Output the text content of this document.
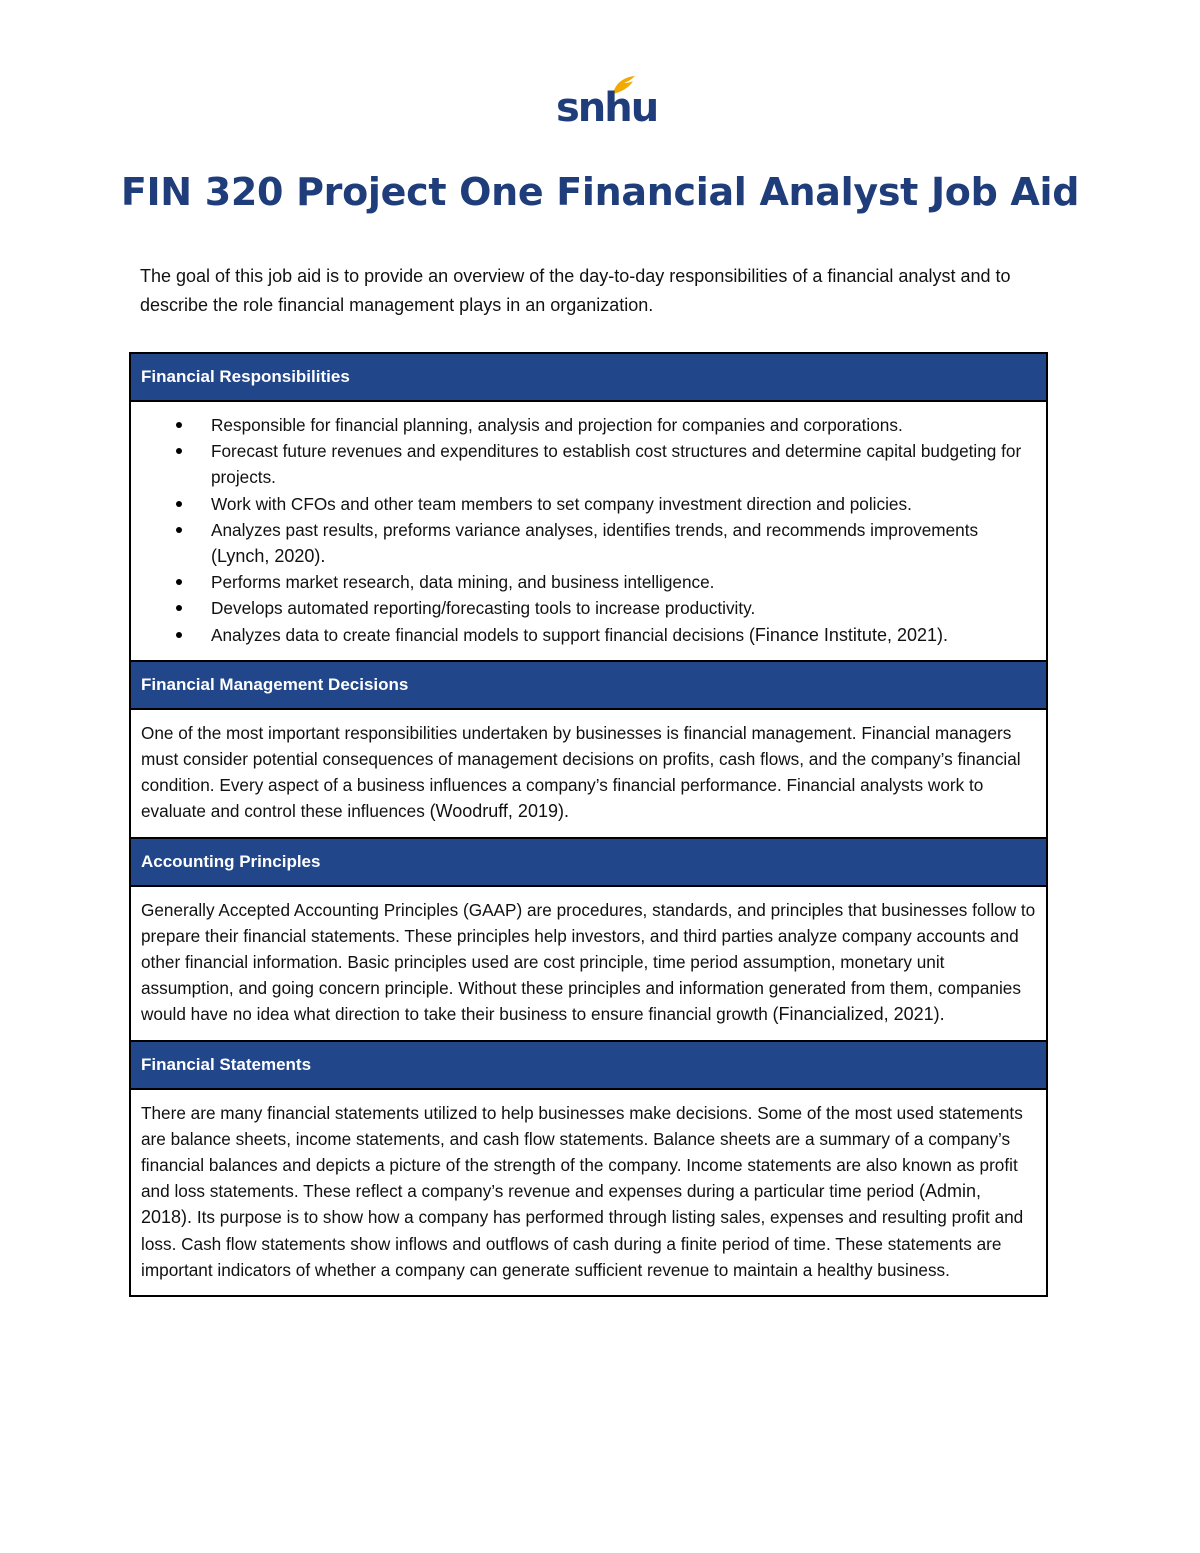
snhu
FIN 320 Project One Financial Analyst Job Aid
The goal of this job aid is to provide an overview of the day-to-day responsibilities of a financial analyst and to describe the role financial management plays in an organization.
Financial Responsibilities
Responsible for financial planning, analysis and projection for companies and corporations.
Forecast future revenues and expenditures to establish cost structures and determine capital budgeting for projects.
Work with CFOs and other team members to set company investment direction and policies.
Analyzes past results, preforms variance analyses, identifies trends, and recommends improvements (Lynch, 2020).
Performs market research, data mining, and business intelligence.
Develops automated reporting/forecasting tools to increase productivity.
Analyzes data to create financial models to support financial decisions (Finance Institute, 2021).
Financial Management Decisions
One of the most important responsibilities undertaken by businesses is financial management. Financial managers must consider potential consequences of management decisions on profits, cash flows, and the company’s financial condition. Every aspect of a business influences a company’s financial performance. Financial analysts work to evaluate and control these influences (Woodruff, 2019).
Accounting Principles
Generally Accepted Accounting Principles (GAAP) are procedures, standards, and principles that businesses follow to prepare their financial statements. These principles help investors, and third parties analyze company accounts and other financial information. Basic principles used are cost principle, time period assumption, monetary unit assumption, and going concern principle. Without these principles and information generated from them, companies would have no idea what direction to take their business to ensure financial growth (Financialized, 2021).
Financial Statements
There are many financial statements utilized to help businesses make decisions. Some of the most used statements are balance sheets, income statements, and cash flow statements. Balance sheets are a summary of a company’s financial balances and depicts a picture of the strength of the company. Income statements are also known as profit and loss statements. These reflect a company’s revenue and expenses during a particular time period (Admin, 2018). Its purpose is to show how a company has performed through listing sales, expenses and resulting profit and loss. Cash flow statements show inflows and outflows of cash during a finite period of time. These statements are important indicators of whether a company can generate sufficient revenue to maintain a healthy business.
